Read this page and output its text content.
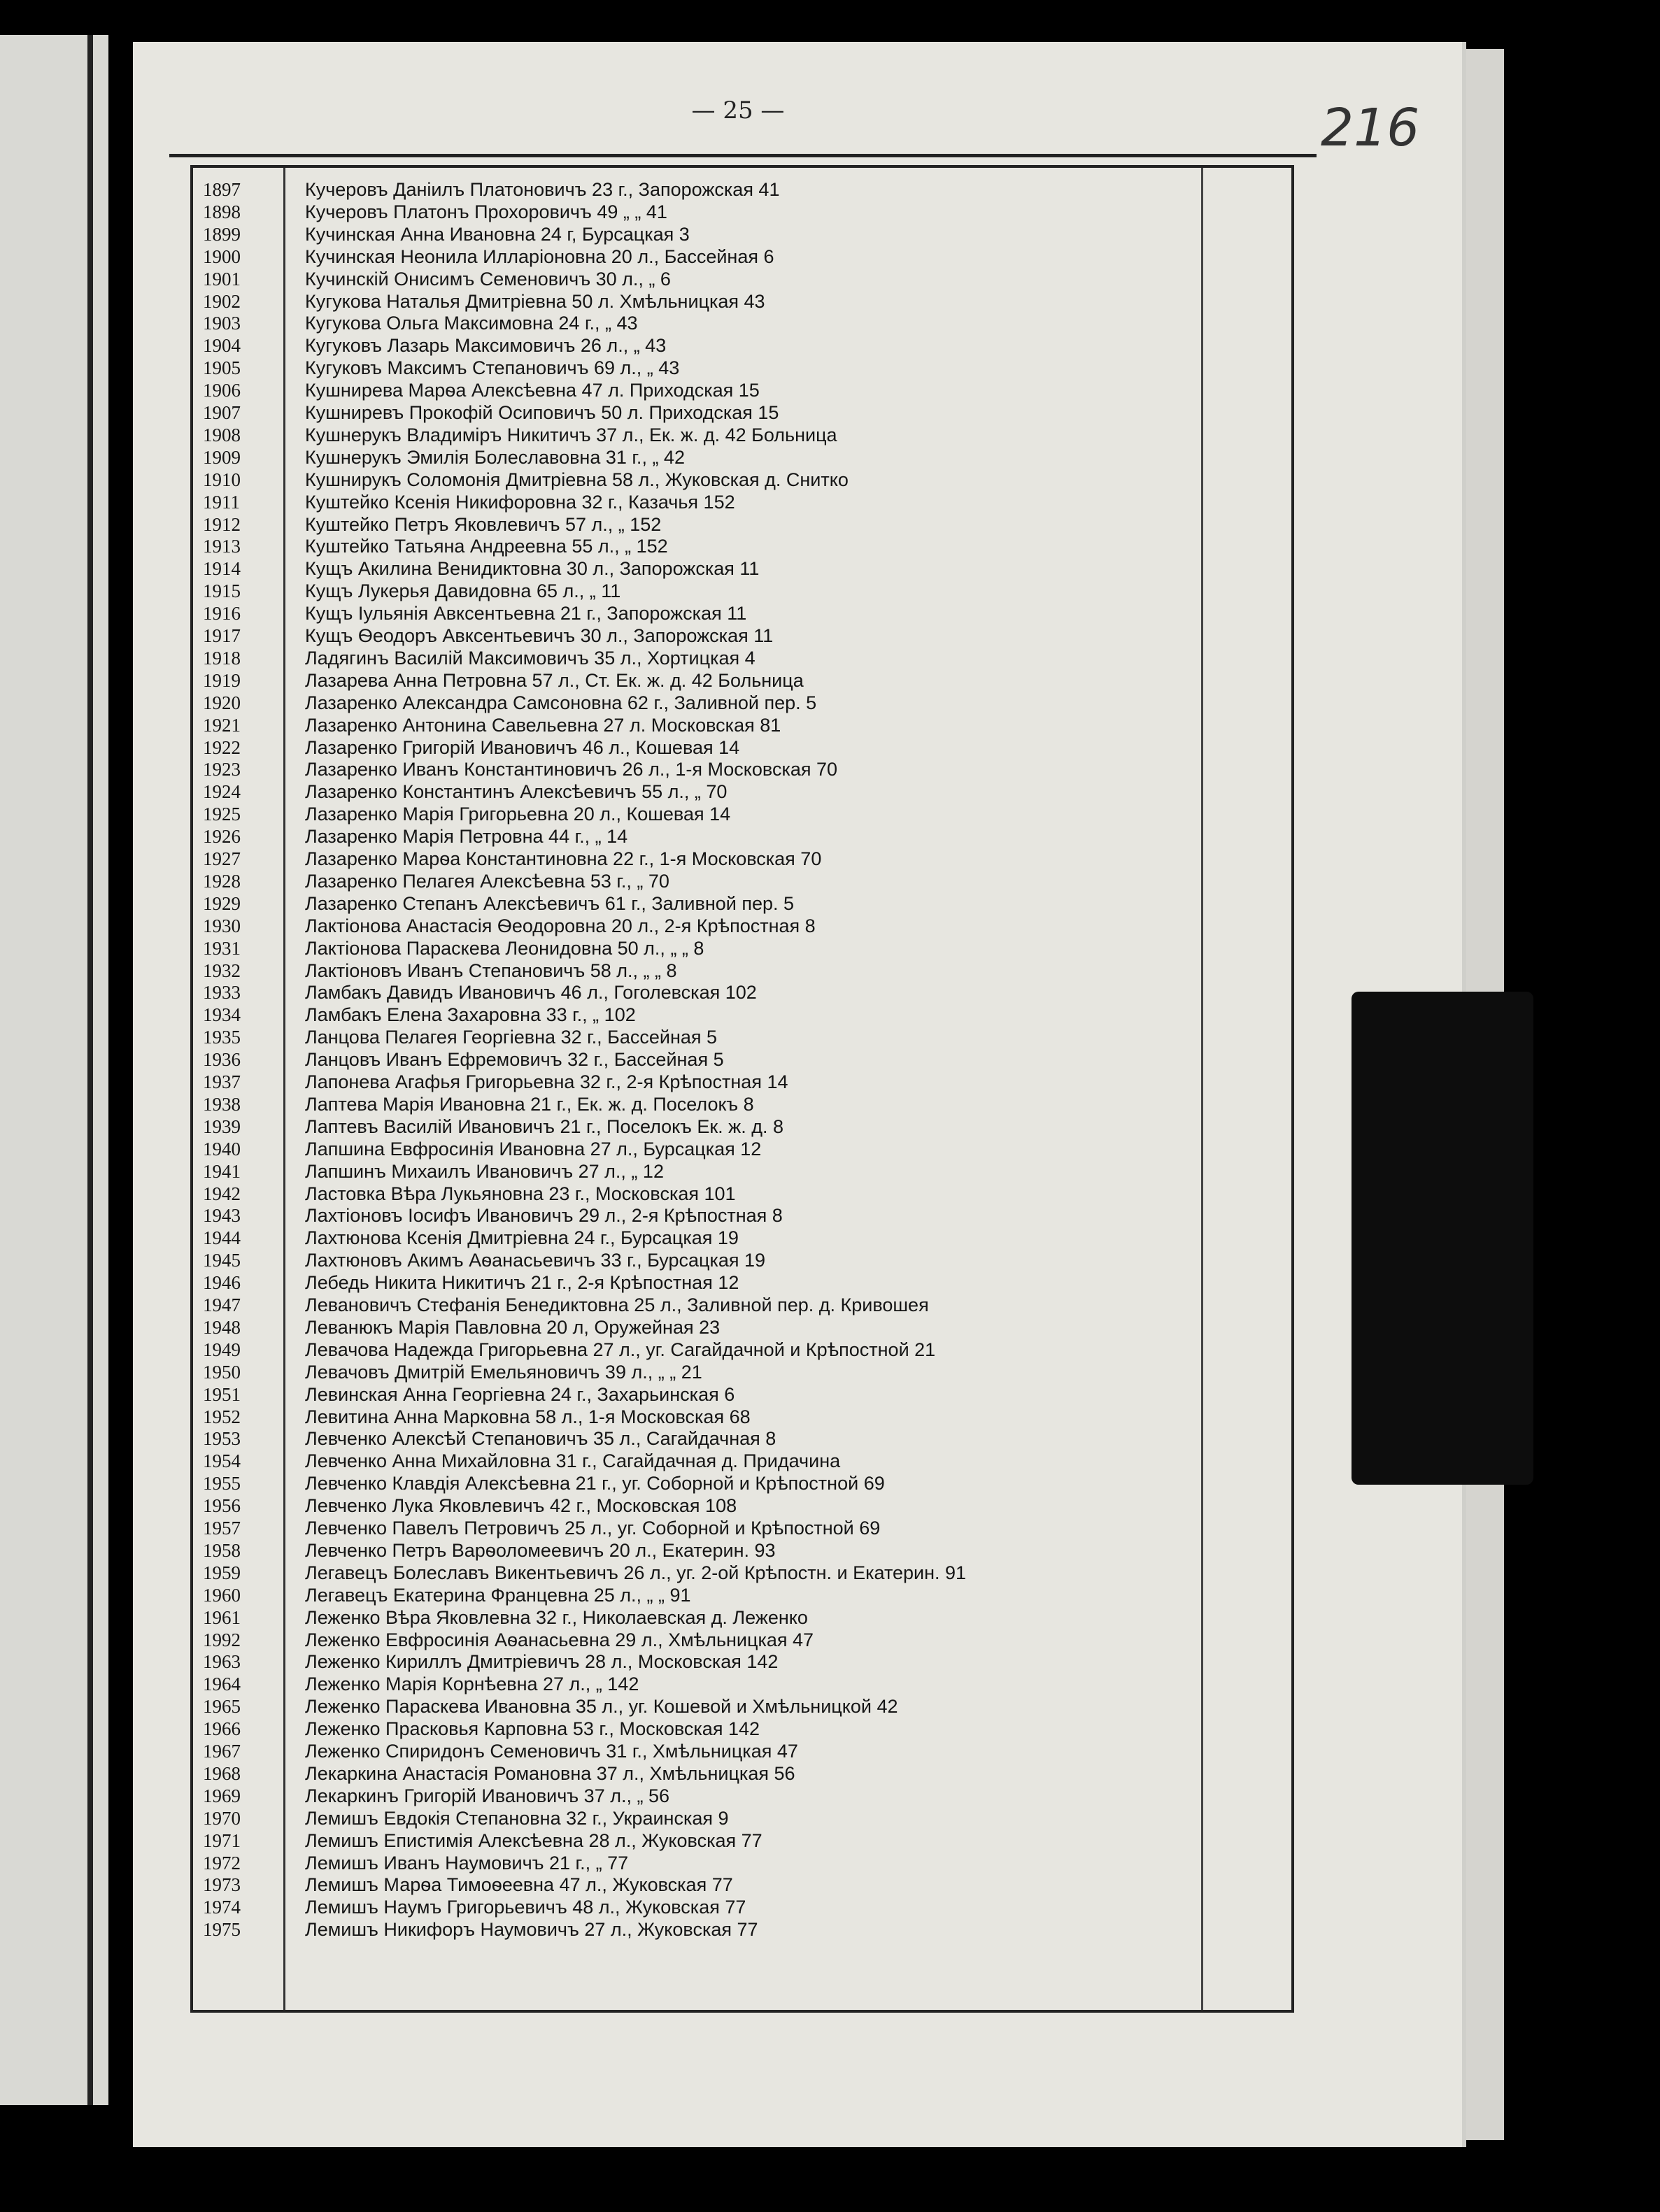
— 25 —	216
1897	Кучеровъ Даніилъ Платоновичъ 23 г., Запорожская 41
1898	Кучеровъ Платонъ Прохоровичъ 49 „ „ 41
1899	Кучинская Анна Ивановна 24 г, Бурсацкая 3
1900	Кучинская Неонила Илларіоновна 20 л., Бассейная 6
1901	Кучинскій Онисимъ Семеновичъ 30 л., „ 6
1902	Кугукова Наталья Дмитріевна 50 л. Хмѣльницкая 43
1903	Кугукова Ольга Максимовна 24 г., „ 43
1904	Кугуковъ Лазарь Максимовичъ 26 л., „ 43
1905	Кугуковъ Максимъ Степановичъ 69 л., „ 43
1906	Кушнирева Марѳа Алексѣевна 47 л. Приходская 15
1907	Кушниревъ Прокофій Осиповичъ 50 л. Приходская 15
1908	Кушнерукъ Владиміръ Никитичъ 37 л., Ек. ж. д. 42 Больница
1909	Кушнерукъ Эмилія Болеславовна 31 г., „ 42
1910	Кушнирукъ Соломонія Дмитріевна 58 л., Жуковская д. Снитко
1911	Куштейко Ксенія Никифоровна 32 г., Казачья 152
1912	Куштейко Петръ Яковлевичъ 57 л., „ 152
1913	Куштейко Татьяна Андреевна 55 л., „ 152
1914	Кущъ Акилина Венидиктовна 30 л., Запорожская 11
1915	Кущъ Лукерья Давидовна 65 л., „ 11
1916	Кущъ Іульянія Авксентьевна 21 г., Запорожская 11
1917	Кущъ Ѳеодоръ Авксентьевичъ 30 л., Запорожская 11
1918	Ладягинъ Василій Максимовичъ 35 л., Хортицкая 4
1919	Лазарева Анна Петровна 57 л., Ст. Ек. ж. д. 42 Больница
1920	Лазаренко Александра Самсоновна 62 г., Заливной пер. 5
1921	Лазаренко Антонина Савельевна 27 л. Московская 81
1922	Лазаренко Григорій Ивановичъ 46 л., Кошевая 14
1923	Лазаренко Иванъ Константиновичъ 26 л., 1-я Московская 70
1924	Лазаренко Константинъ Алексѣевичъ 55 л., „ 70
1925	Лазаренко Марія Григорьевна 20 л., Кошевая 14
1926	Лазаренко Марія Петровна 44 г., „ 14
1927	Лазаренко Марѳа Константиновна 22 г., 1-я Московская 70
1928	Лазаренко Пелагея Алексѣевна 53 г., „ 70
1929	Лазаренко Степанъ Алексѣевичъ 61 г., Заливной пер. 5
1930	Лактіонова Анастасія Ѳеодоровна 20 л., 2-я Крѣпостная 8
1931	Лактіонова Параскева Леонидовна 50 л., „ „ 8
1932	Лактіоновъ Иванъ Степановичъ 58 л., „ „ 8
1933	Ламбакъ Давидъ Ивановичъ 46 л., Гоголевская 102
1934	Ламбакъ Елена Захаровна 33 г., „ 102
1935	Ланцова Пелагея Георгіевна 32 г., Бассейная 5
1936	Ланцовъ Иванъ Ефремовичъ 32 г., Бассейная 5
1937	Лапонева Агафья Григорьевна 32 г., 2-я Крѣпостная 14
1938	Лаптева Марія Ивановна 21 г., Ек. ж. д. Поселокъ 8
1939	Лаптевъ Василій Ивановичъ 21 г., Поселокъ Ек. ж. д. 8
1940	Лапшина Евфросинія Ивановна 27 л., Бурсацкая 12
1941	Лапшинъ Михаилъ Ивановичъ 27 л., „ 12
1942	Ластовка Вѣра Лукьяновна 23 г., Московская 101
1943	Лахтіоновъ Іосифъ Ивановичъ 29 л., 2-я Крѣпостная 8
1944	Лахтюнова Ксенія Дмитріевна 24 г., Бурсацкая 19
1945	Лахтюновъ Акимъ Аѳанасьевичъ 33 г., Бурсацкая 19
1946	Лебедь Никита Никитичъ 21 г., 2-я Крѣпостная 12
1947	Левановичъ Стефанія Бенедиктовна 25 л., Заливной пер. д. Кривошея
1948	Леванюкъ Марія Павловна 20 л, Оружейная 23
1949	Левачова Надежда Григорьевна 27 л., уг. Сагайдачной и Крѣпостной 21
1950	Левачовъ Дмитрій Емельяновичъ 39 л., „ „ 21
1951	Левинская Анна Георгіевна 24 г., Захарьинская 6
1952	Левитина Анна Марковна 58 л., 1-я Московская 68
1953	Левченко Алексѣй Степановичъ 35 л., Сагайдачная 8
1954	Левченко Анна Михайловна 31 г., Сагайдачная д. Придачина
1955	Левченко Клавдія Алексѣевна 21 г., уг. Соборной и Крѣпостной 69
1956	Левченко Лука Яковлевичъ 42 г., Московская 108
1957	Левченко Павелъ Петровичъ 25 л., уг. Соборной и Крѣпостной 69
1958	Левченко Петръ Варѳоломеевичъ 20 л., Екатерин. 93
1959	Легавецъ Болеславъ Викентьевичъ 26 л., уг. 2-ой Крѣпостн. и Екатерин. 91
1960	Легавецъ Екатерина Францевна 25 л., „ „ 91
1961	Леженко Вѣра Яковлевна 32 г., Николаевская д. Леженко
1992	Леженко Евфросинія Аѳанасьевна 29 л., Хмѣльницкая 47
1963	Леженко Кириллъ Дмитріевичъ 28 л., Московская 142
1964	Леженко Марія Корнѣевна 27 л., „ 142
1965	Леженко Параскева Ивановна 35 л., уг. Кошевой и Хмѣльницкой 42
1966	Леженко Прасковья Карповна 53 г., Московская 142
1967	Леженко Спиридонъ Семеновичъ 31 г., Хмѣльницкая 47
1968	Лекаркина Анастасія Романовна 37 л., Хмѣльницкая 56
1969	Лекаркинъ Григорій Ивановичъ 37 л., „ 56
1970	Лемишъ Евдокія Степановна 32 г., Украинская 9
1971	Лемишъ Епистимія Алексѣевна 28 л., Жуковская 77
1972	Лемишъ Иванъ Наумовичъ 21 г., „ 77
1973	Лемишъ Марѳа Тимоѳеевна 47 л., Жуковская 77
1974	Лемишъ Наумъ Григорьевичъ 48 л., Жуковская 77
1975	Лемишъ Никифоръ Наумовичъ 27 л., Жуковская 77
